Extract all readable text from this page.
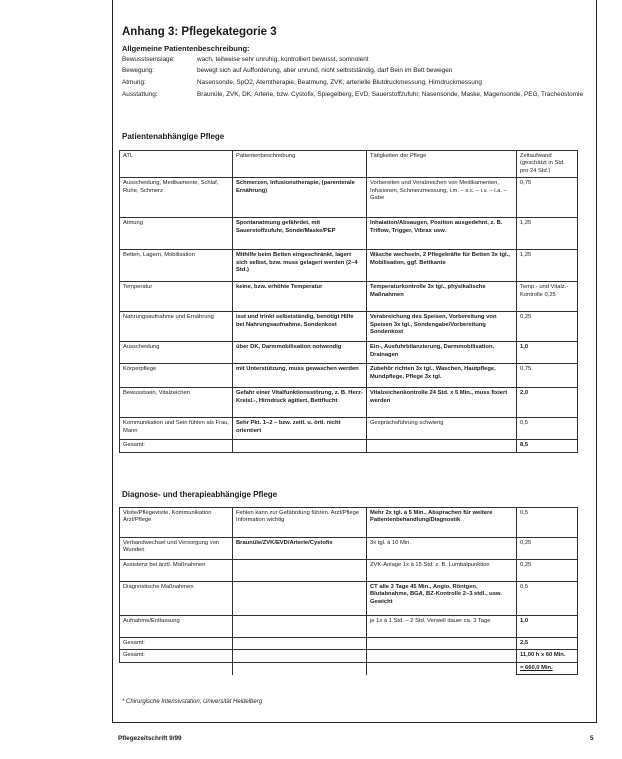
Anhang 3: Pflegekategorie 3
Allgemeine Patientenbeschreibung:
Bewusstseinslage:	wach, teilweise sehr unruhig, kontrolliert bewusst, somnolent
Bewegung:	bewegt sich auf Aufforderung, aber unrund, nicht selbstständig, darf Bein im Bett bewegen
Atmung:	Nasensonde, SpO2, Atemtherapie, Beatmung, ZVK, arterielle Blutdruckmessung, Hirndruckmessung
Ausstattung:	Braunüle, ZVK, DK, Arterie, bzw. Cystofix, Spiegelberg, EVD, Sauerstoffzufuhr, Nasensonde, Maske, Magensonde, PEG, Tracheostomie
Patientenabhängige Pflege
ATL	Patientenbeschreibung	Tätigkeiten der Pflege	Zeitaufwand (geschätzt in Std. pro 24 Std.)
Ausscheidung, Medikamente, Schlaf, Ruhe, Schmerz	Schmerzen, Infusionstherapie, (parenterale Ernährung)	Vorbereiten und Verabreichen von Medikamenten, Infusionen, Schmerzmessung, i.m. – s.c. – i.v. – i.a. – Gabe	0,75
Atmung	Spontanatmung gefährdet, mit Sauerstoffzufuhr, Sonde/Maske/PEP	Inhalation/Absaugen, Position ausgedehnt, z. B. Triflow, Trigger, Vibrax usw.	1,25
Betten, Lagern, Mobilisation	Mithilfe beim Betten eingeschränkt, lagert sich selbst, bzw. muss gelagert werden (2–4 Std.)	Wäsche wechseln, 2 Pflegekräfte für Betten 3x tgl., Mobilisation, ggf. Bettkante	1,25
Temperatur	keine, bzw. erhöhte Temperatur	Temperaturkontrolle 3x tgl., physikalische Maßnahmen	Temp.- und Vitalz.-Kontrolle 0,25
Nahrungsaufnahme und Ernährung	isst und trinkt selbstständig, benötigt Hilfe bei Nahrungsaufnahme, Sondenkost	Verabreichung des Speisen, Vorbereitung von Speisen 3x tgl., Sondengabe/Vorbereitung Sondenkost	0,25
Ausscheidung	über DK, Darmmobilisation notwendig	Ein-, Ausfuhrbilanzierung, Darmmobilisation, Drainagen	1,0
Körperpflege	mit Unterstützung, muss gewaschen werden	Zubehör richten 3x tgl., Waschen, Hautpflege, Mundpflege, Pflege 3x tgl.	0,75
Bewusstsein, Vitalzeichen	Gefahr einer Vitalfunktionsstörung, z. B. Herz-Kreisl.-, Hirndruck agitiert, Bettflucht	Vitalzeichenkontrolle 24 Std. x 5 Min., muss fixiert werden	2,0
Kommunikation und Sein fühlen als Frau, Mann	Sehr Pkt. 1–2 – bzw. zeitl. u. örtl. nicht orientiert	Gesprächsführung schwierig	0,5
Gesamt:			8,5
Diagnose- und therapieabhängige Pflege
Visite/Pflegevisite, Kommunikation Arzt/Pflege	Fehlen kann zur Gefährdung führen. Arzt/Pflege Information wichtig	Mehr 2x tgl. à 5 Min., Absprachen für weitere Patientenbehandlung/Diagnostik	0,5
Verbandwechsel und Versorgung von Wunden	Braunüle/ZVK/EVD/Arterie/Cystofix	3x tgl. à 10 Min.	0,25
Assistenz bei ärztl. Maßnahmen		ZVK-Anlage 1x à 15 Std. z. B. Lumbalpunktion	0,25
Diagnostische Maßnahmen		CT alle 3 Tage 45 Min., Angio, Röntgen, Blutabnahme, BGA, BZ-Kontrolle 2–3 stdl., usw. Gewicht	0,5
Aufnahme/Entlassung		je 1x à 1 Std. – 2 Std. Verweil dauer ca. 3 Tage	1,0
Gesamt:			2,5
Gesamt:			11,00 h x 60 Min.
			= 660,0 Min.
* Chirurgische Intensivstation, Universität Heidelberg
Pflegezeitschrift 9/99	5
